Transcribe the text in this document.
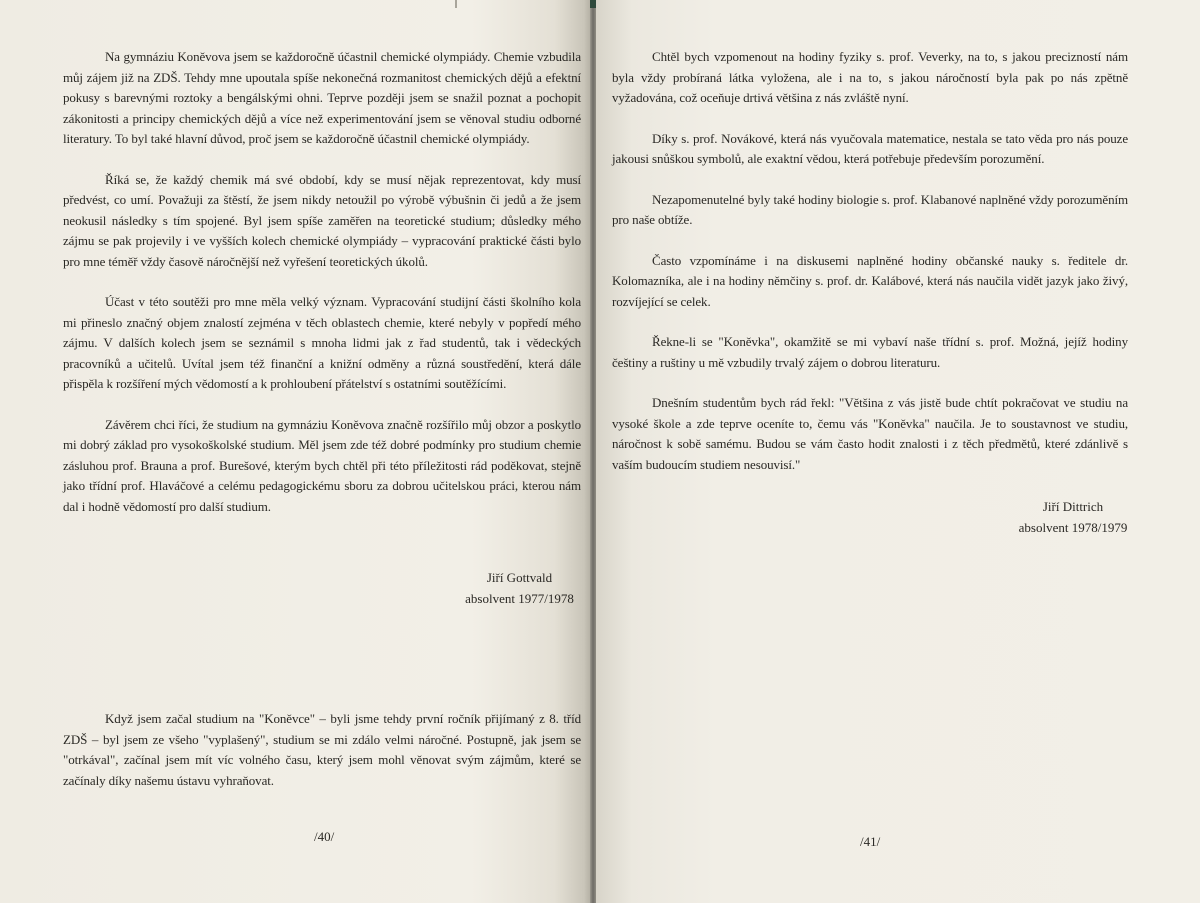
Na gymnáziu Koněvova jsem se každoročně účastnil chemické olympiády. Chemie vzbudila můj zájem již na ZDŠ. Tehdy mne upoutala spíše nekonečná rozmanitost chemických dějů a efektní pokusy s barevnými roztoky a bengálskými ohni. Teprve později jsem se snažil poznat a pochopit zákonitosti a principy chemických dějů a více než experimentování jsem se věnoval studiu odborné literatury. To byl také hlavní důvod, proč jsem se každoročně účastnil chemické olympiády.

Říká se, že každý chemik má své období, kdy se musí nějak reprezentovat, kdy musí předvést, co umí. Považuji za štěstí, že jsem nikdy netoužil po výrobě výbušnin či jedů a že jsem neokusil následky s tím spojené. Byl jsem spíše zaměřen na teoretické studium; důsledky mého zájmu se pak projevily i ve vyšších kolech chemické olympiády – vypracování praktické části bylo pro mne téměř vždy časově náročnější než vyřešení teoretických úkolů.

Účast v této soutěži pro mne měla velký význam. Vypracování studijní části školního kola mi přineslo značný objem znalostí zejména v těch oblastech chemie, které nebyly v popředí mého zájmu. V dalších kolech jsem se seznámil s mnoha lidmi jak z řad studentů, tak i vědeckých pracovníků a učitelů. Uvítal jsem též finanční a knižní odměny a různá soustředění, která dále přispěla k rozšíření mých vědomostí a k prohloubení přátelství s ostatními soutěžícími.

Závěrem chci říci, že studium na gymnáziu Koněvova značně rozšířilo můj obzor a poskytlo mi dobrý základ pro vysokoškolské studium. Měl jsem zde též dobré podmínky pro studium chemie zásluhou prof. Brauna a prof. Burešové, kterým bych chtěl při této příležitosti rád poděkovat, stejně jako třídní prof. Hlaváčové a celému pedagogickému sboru za dobrou učitelskou práci, kterou nám dal i hodně vědomostí pro další studium.

Jiří Gottvald
absolvent 1977/1978

Když jsem začal studium na "Koněvce" – byli jsme tehdy první ročník přijímaný z 8. tříd ZDŠ – byl jsem ze všeho "vyplašený", studium se mi zdálo velmi náročné. Postupně, jak jsem se "otrkával", začínal jsem mít víc volného času, který jsem mohl věnovat svým zájmům, které se začínaly díky našemu ústavu vyhraňovat.

/40/

Chtěl bych vzpomenout na hodiny fyziky s. prof. Veverky, na to, s jakou precizností nám byla vždy probíraná látka vyložena, ale i na to, s jakou náročností byla pak po nás zpětně vyžadována, což oceňuje drtivá většina z nás zvláště nyní.

Díky s. prof. Novákové, která nás vyučovala matematice, nestala se tato věda pro nás pouze jakousi snůškou symbolů, ale exaktní vědou, která potřebuje především porozumění.

Nezapomenutelné byly také hodiny biologie s. prof. Klabanové naplněné vždy porozuměním pro naše obtíže.

Často vzpomínáme i na diskusemi naplněné hodiny občanské nauky s. ředitele dr. Kolomazníka, ale i na hodiny němčiny s. prof. dr. Kalábové, která nás naučila vidět jazyk jako živý, rozvíjející se celek.

Řekne-li se "Koněvka", okamžitě se mi vybaví naše třídní s. prof. Možná, jejíž hodiny češtiny a ruštiny u mě vzbudily trvalý zájem o dobrou literaturu.

Dnešním studentům bych rád řekl: "Většina z vás jistě bude chtít pokračovat ve studiu na vysoké škole a zde teprve oceníte to, čemu vás "Koněvka" naučila. Je to soustavnost ve studiu, náročnost k sobě samému. Budou se vám často hodit znalosti i z těch předmětů, které zdánlivě s vaším budoucím studiem nesouvisí."

Jiří Dittrich
absolvent 1978/1979
/41/
